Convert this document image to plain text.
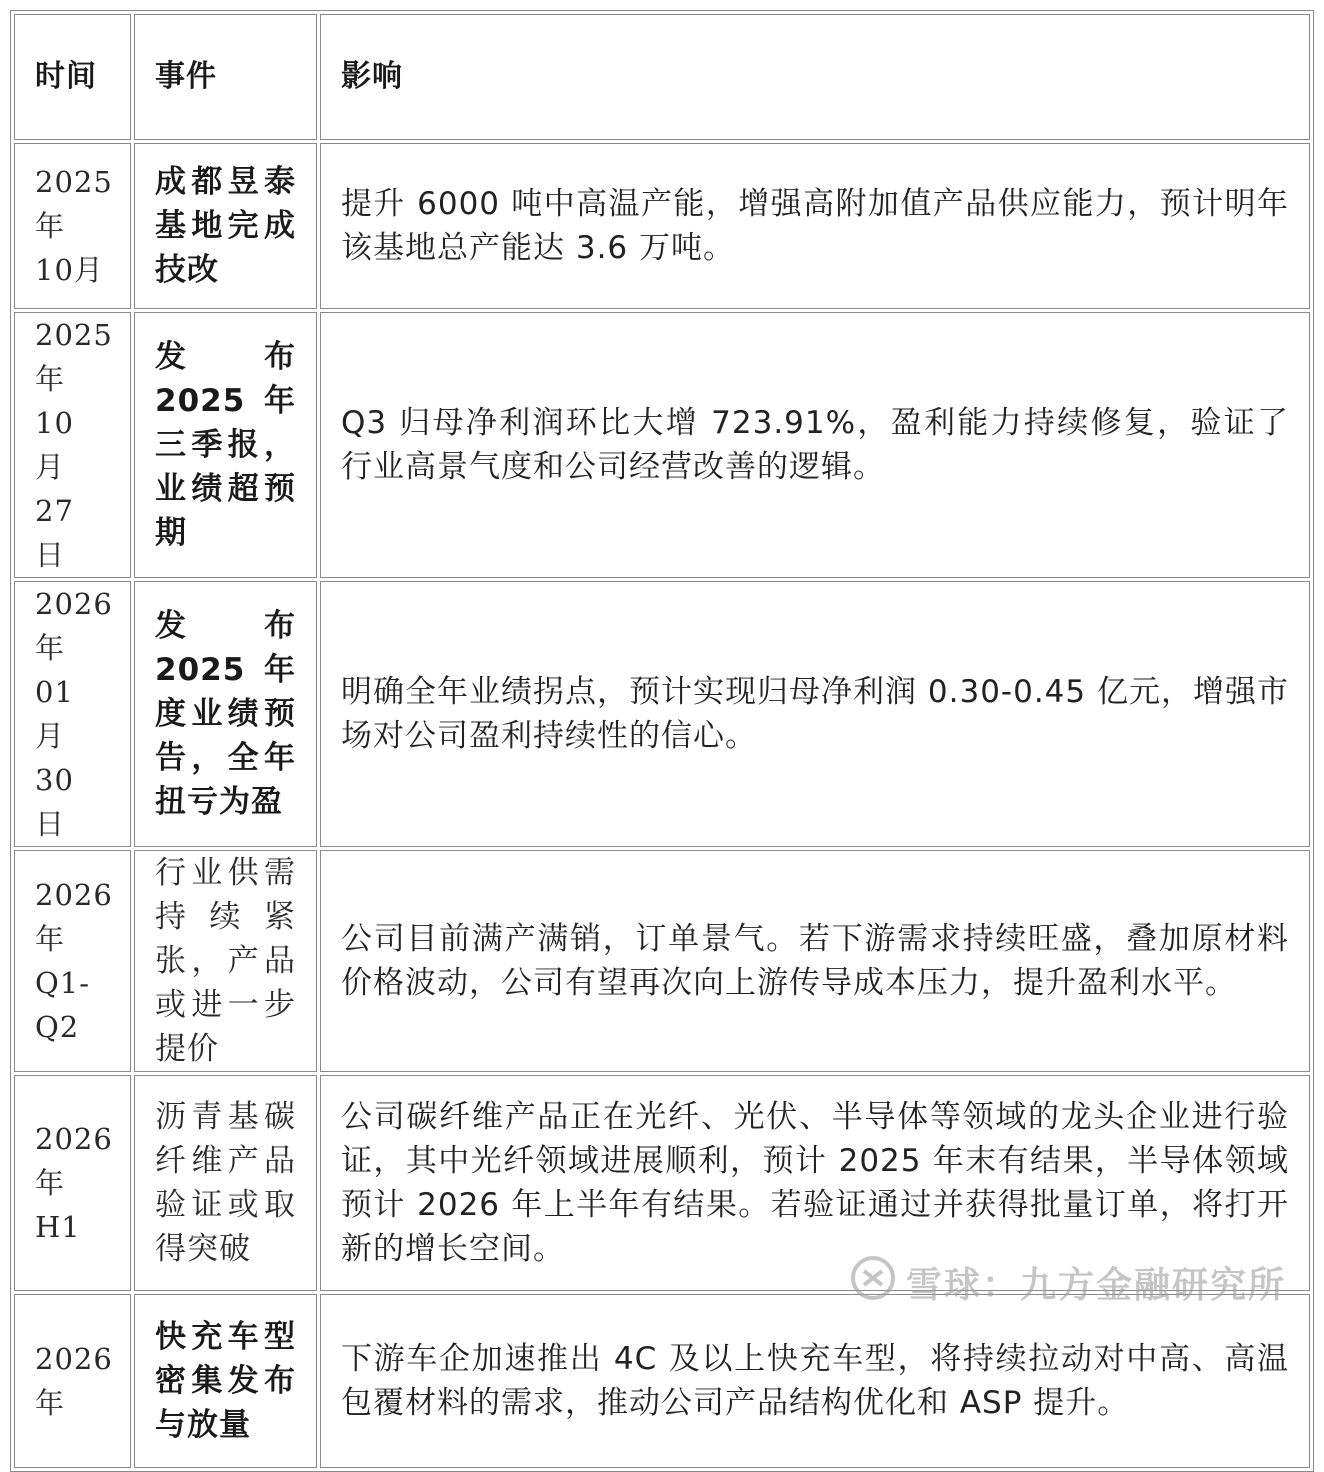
时间	事件	影响
2025 年 10月	成都昱泰基地完成技改	提升 6000 吨中高温产能，增强高附加值产品供应能力，预计明年该基地总产能达 3.6 万吨。
2025 年 10 月 27 日	发 布 2025 年三季报，业绩超预期	Q3 归母净利润环比大增 723.91%，盈利能力持续修复，验证了行业高景气度和公司经营改善的逻辑。
2026 年 01 月 30 日	发 布 2025 年度业绩预告，全年扭亏为盈	明确全年业绩拐点，预计实现归母净利润 0.30-0.45 亿元，增强市场对公司盈利持续性的信心。
2026 年 Q1-Q2	行业供需持续紧张，产品或进一步提价	公司目前满产满销，订单景气。若下游需求持续旺盛，叠加原材料价格波动，公司有望再次向上游传导成本压力，提升盈利水平。
2026 年 H1	沥青基碳纤维产品验证或取得突破	公司碳纤维产品正在光纤、光伏、半导体等领域的龙头企业进行验证，其中光纤领域进展顺利，预计 2025 年末有结果，半导体领域预计 2026 年上半年有结果。若验证通过并获得批量订单，将打开新的增长空间。
2026 年	快充车型密集发布与放量	下游车企加速推出 4C 及以上快充车型，将持续拉动对中高、高温包覆材料的需求，推动公司产品结构优化和 ASP 提升。
雪球：九方金融研究所
